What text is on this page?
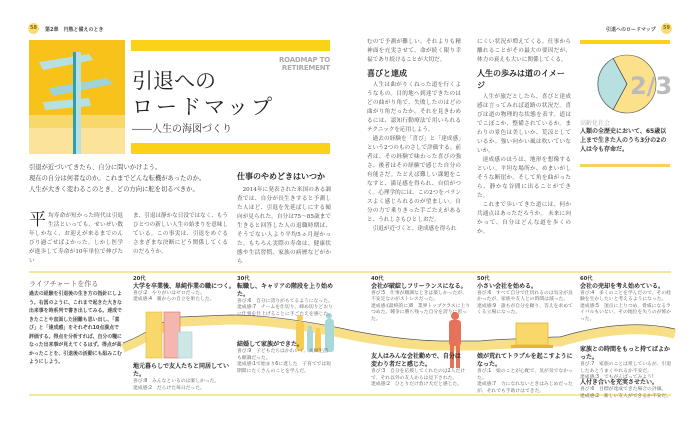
58	第2章　円熟と備えのとき	引退へのロードマップ	59
ROADMAP TO RETIREMENT
引退への
ロードマップ
――人生の海図づくり
引退が近づいてきたら、自分に問いかけよう。
現在の自分は何者なのか。これまでどんな転機があったのか。
人生が大きく変わるこのとき、どの方向に舵を切るべきか。
平均寿命が短かった時代は引退生活といっても、せいぜい数年しかなく、お迎えが来るまでのんびり過ごせばよかった。しかし医学が進歩して寿命が10年単位で伸びたい
ま、引退は静かな日没ではなく、もうひとつの新しい人生の始まりを意味している。この事実は、引退をめぐるさまざまな決断にどう関係してくるのだろうか。
仕事のやめどきはいつか
2014年に発表された米国のある調査では、自分が長生きすると予測した人ほど、引退を先延ばしにする傾向が見られた。自分は75〜85歳まで生きると回答した人の退職時期は、そうでない人より平均5ヵ月遅かった。もちろん実際の寿命は、健康状態や生活習慣、家族の病歴などがから
むので予測が難しい。それよりも精神面を充実させて、命が続く限り幸福であり続けることが大切だ。
喜びと達成
人生は曲がりくねった道を行くようなもの。目的地へ到達できたのはどの曲がり角で、失敗したのはどの曲がり角だったか。それを見きわめるには、認知行動療法で用いられるテクニックを応用しよう。
過去の経験を「喜び」と「達成感」という2つのものさしで評価する。前者は、その経験で味わった喜びの強さ。後者はその経験で感じた自分の有能さだ。たとえば難しい課題をこなすと、満足感を得られ、自信がつく。心理学的には、この2つをバランスよく感じられるのが望ましい。自分の力で乗りきった手ごたえがあると、うれしさもひとしおだ。
引退が近づくと、達成感を得られ
にくい状況が増えてくる。仕事から離れることがその最大の要因だが、体力の衰えも大いに関係してくる。
人生の歩みは道のイメージ
人生が旅だとしたら、喜びと達成感は言ってみれば道路の状況だ。喜びは道の物理的な状態を表す。道はでこぼこか、整備されているか。まわりの景色は美しいか、荒涼としているか。強い向かい風は吹いていないか。
達成感のほうは、地形を想像するといい。平坦な場所か、めまいがしそうな断崖か。そして角を曲がったら、静かな谷間に出ることができた。
これまで歩いてきた道には、何か共通点はあっただろうか。 未来に向かって、自分はどんな道を歩くのか。
2/3
高齢化社会
人類の全歴史において、65歳以上まで生きた人のうち3分の2の人は今も存命だ。
ライフチャートを作る
過去の経験を引退後の生き方の指針にしよう。右図のように、これまで起きた大きな出来事を時系列で書き出してみる。達成できたことや直面した困難も思い出し、「喜び」と「達成感」をそれぞれ10点満点で評価する。得点を分析すれば、自分の糧になった出来事が見えてくるはず。得点が高かったことを、引退後の活動にも組みこむようにしよう。
20代
大学を卒業後、単純作業の職につく。
喜び:2　やりがいはゼロだった。
達成感:4　親からの自立を果たした。
地元暮らしで友人たちと同居していた。
喜び:8　みんなといるのは楽しかった。
達成感:2　だらけた毎日だった。
30代
転職し、キャリアの階段を上り始めた。
喜び:6　自分に誇りがもてるようになった。
達成感:7　チームを仕切り、締め切りどおりに仕事を仕上げることに手ごたえを感じた。
結婚して家族ができた。
喜び:9　子どもたちはかわいく、夫婦生活も順調だった。
達成感:1で始まり6に達した　子育てでは短期間にたくさんのことを学んだ。
40代
会社が破綻しフリーランスになる。
喜び:5　仕事が順調なときは楽しかったが、不安定なのがストレスだった。
達成感:(最終的に)8　業界トップクラスに上りつめた。競争に勝ち残った自分を誇りに思った。
友人はみんな会社勤めで、自分は変わり者だと感じた。
喜び:3　自分を応援してくれたのは2人だけで、それ以外の友人からは見下された。
達成感:2　ひとりだけ負け犬だと感じた。
50代
小さい会社を始める。
喜び:6　すべて自分で仕切れるのは気分が良かったが、家族や友人との時間は減った。
達成感:9　誰もが自分を頼り、答えを求めてくる立場になった。
娘が荒れてトラブルを起こすようになった。
喜び:1　娘のことが心配で、気が気でなかった。
達成感:7　力になれないときはみじめだったが、それでも手助けはできた。
60代
会社の売却を考え始めている。
喜び:4　多くのことを学んだので、その経験を生かしたいと考えるようになった。
達成感:5　頂点に上りつめ、脅威になるライバルもいない。その地位を失うのが怖かった。
家族との時間をもっと持てばよかった。
喜び:7　家族のことは愛しているが、引退したあとうまくやれるか不安だ。
達成感:3　でもがんばってみよう!
人付き合いを充実させたい。
喜び:6　目標が達成できた場合の評価。
達成感:2　新しい友人ができるか不安だ。
